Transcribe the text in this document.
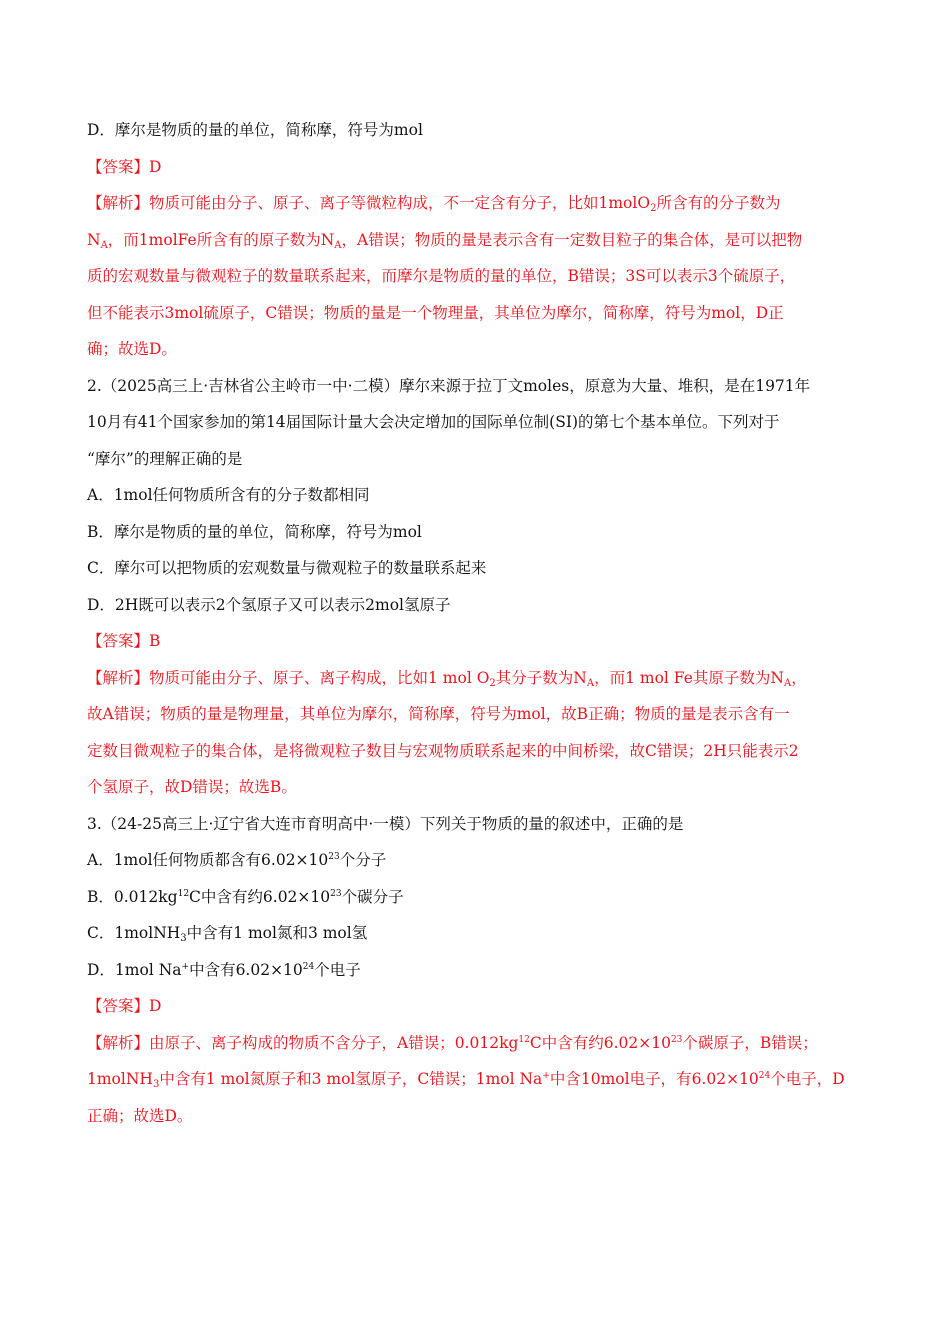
D．摩尔是物质的量的单位，简称摩，符号为mol
【答案】D
【解析】物质可能由分子、原子、离子等微粒构成，不一定含有分子，比如1molO$_2$所含有的分子数为
$N_A$，而1molFe所含有的原子数为$N_A$，A错误；物质的量是表示含有一定数目粒子的集合体，是可以把物
质的宏观数量与微观粒子的数量联系起来，而摩尔是物质的量的单位，B错误；3S可以表示3个硫原子，
但不能表示3mol硫原子，C错误；物质的量是一个物理量，其单位为摩尔，简称摩，符号为mol，D正
确；故选D。
2.（2025高三上·吉林省公主岭市一中·二模）摩尔来源于拉丁文moles，原意为大量、堆积，是在1971年
10月有41个国家参加的第14届国际计量大会决定增加的国际单位制(SI)的第七个基本单位。下列对于
“摩尔”的理解正确的是
A．1mol任何物质所含有的分子数都相同
B．摩尔是物质的量的单位，简称摩，符号为mol
C．摩尔可以把物质的宏观数量与微观粒子的数量联系起来
D．2H既可以表示2个氢原子又可以表示2mol氢原子
【答案】B
【解析】物质可能由分子、原子、离子构成，比如1 mol $O_2$其分子数为$N_A$，而1 mol Fe其原子数为$N_A$，
故A错误；物质的量是物理量，其单位为摩尔，简称摩，符号为mol，故B正确；物质的量是表示含有一
定数目微观粒子的集合体，是将微观粒子数目与宏观物质联系起来的中间桥梁，故C错误；2H只能表示2
个氢原子，故D错误；故选B。
3.（24-25高三上·辽宁省大连市育明高中·一模）下列关于物质的量的叙述中，正确的是
A．1mol任何物质都含有$6.02\times 10^{23}$个分子
B．$0.012kg^{12}C$中含有约$6.02\times 10^{23}$个碳分子
C．1molNH$_3$中含有1 mol氮和3 mol氢
D．1mol Na+中含有$6.02\times 10^{24}$个电子
【答案】D
【解析】由原子、离子构成的物质不含分子，A错误；$0.012kg^{12}C$中含有约$6.02\times 10^{23}$个碳原子，B错误；
1molNH$_3$中含有1 mol氮原子和3 mol氢原子，C错误；1mol Na+中含10mol电子，有$6.02\times 10^{24}$个电子，D
正确；故选D。
